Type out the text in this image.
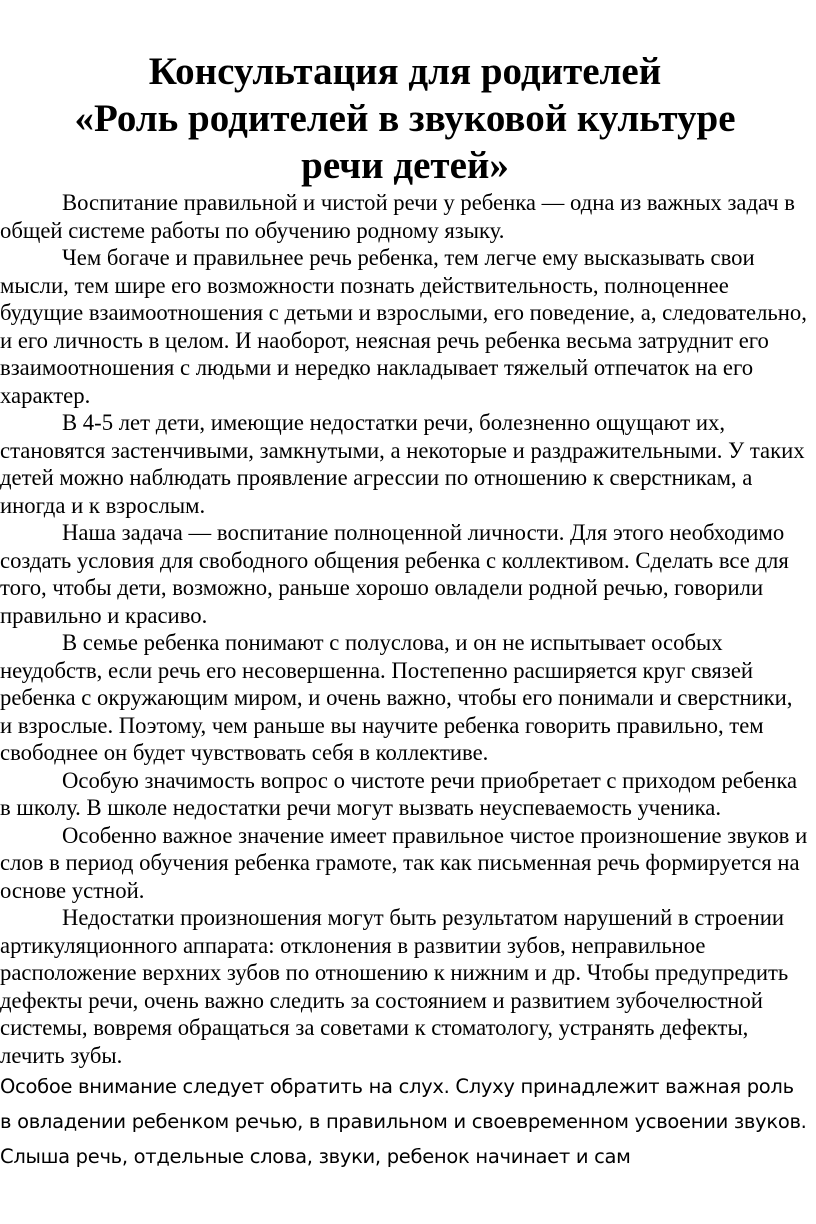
Консультация для родителей
«Роль родителей в звуковой культуре
речи детей»

Воспитание правильной и чистой речи у ребенка — одна из важных задач в общей системе работы по обучению родному языку.

Чем богаче и правильнее речь ребенка, тем легче ему высказывать свои мысли, тем шире его возможности познать действительность, полноценнее будущие взаимоотношения с детьми и взрослыми, его поведение, а, следовательно, и его личность в целом. И наоборот, неясная речь ребенка весьма затруднит его взаимоотношения с людьми и нередко накладывает тяжелый отпечаток на его характер.

В 4-5 лет дети, имеющие недостатки речи, болезненно ощущают их, становятся застенчивыми, замкнутыми, а некоторые и раздражительными. У таких детей можно наблюдать проявление агрессии по отношению к сверстникам, а иногда и к взрослым.

Наша задача — воспитание полноценной личности. Для этого необходимо создать условия для свободного общения ребенка с коллективом. Сделать все для того, чтобы дети, возможно, раньше хорошо овладели родной речью, говорили правильно и красиво.

В семье ребенка понимают с полуслова, и он не испытывает особых неудобств, если речь его несовершенна. Постепенно расширяется круг связей ребенка с окружающим миром, и очень важно, чтобы его понимали и сверстники, и взрослые. Поэтому, чем раньше вы научите ребенка говорить правильно, тем свободнее он будет чувствовать себя в коллективе.

Особую значимость вопрос о чистоте речи приобретает с приходом ребенка в школу. В школе недостатки речи могут вызвать неуспеваемость ученика.

Особенно важное значение имеет правильное чистое произношение звуков и слов в период обучения ребенка грамоте, так как письменная речь формируется на основе устной.

Недостатки произношения могут быть результатом нарушений в строении артикуляционного аппарата: отклонения в развитии зубов, неправильное расположение верхних зубов по отношению к нижним и др. Чтобы предупредить дефекты речи, очень важно следить за состоянием и развитием зубочелюстной системы, вовремя обращаться за советами к стоматологу, устранять дефекты, лечить зубы.

Особое внимание следует обратить на слух. Слуху принадлежит важная роль в овладении ребенком речью, в правильном и своевременном усвоении звуков. Слыша речь, отдельные слова, звуки, ребенок начинает и сам
